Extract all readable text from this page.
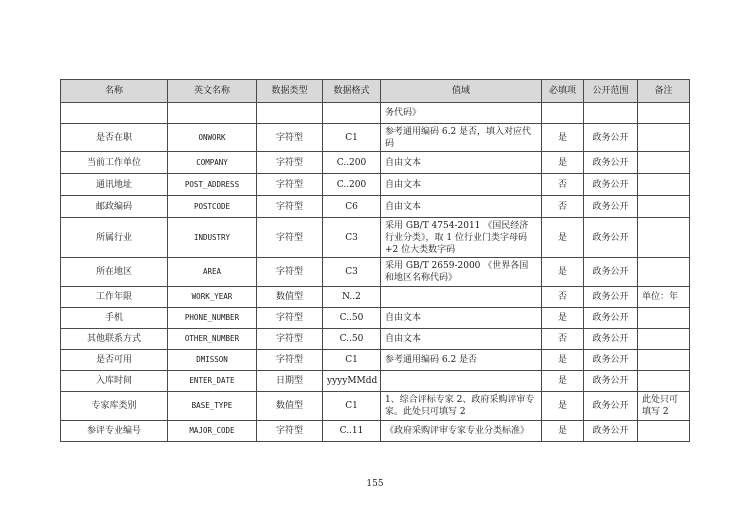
名称	英文名称	数据类型	数据格式	值域	必填项	公开范围	备注
				务代码》			
是否在职	ONWORK	字符型	C1	参考通用编码 6.2 是否，填入对应代码	是	政务公开	
当前工作单位	COMPANY	字符型	C..200	自由文本	是	政务公开	
通讯地址	POST_ADDRESS	字符型	C..200	自由文本	否	政务公开	
邮政编码	POSTCODE	字符型	C6	自由文本	否	政务公开	
所属行业	INDUSTRY	字符型	C3	采用 GB/T 4754-2011 《国民经济行业分类》，取 1 位行业门类字母码+2 位大类数字码	是	政务公开	
所在地区	AREA	字符型	C3	采用 GB/T 2659-2000 《世界各国和地区名称代码》	是	政务公开	
工作年限	WORK_YEAR	数值型	N..2		否	政务公开	单位：年
手机	PHONE_NUMBER	字符型	C..50	自由文本	是	政务公开	
其他联系方式	OTHER_NUMBER	字符型	C..50	自由文本	否	政务公开	
是否可用	DMISSON	字符型	C1	参考通用编码 6.2 是否	是	政务公开	
入库时间	ENTER_DATE	日期型	yyyyMMdd		是	政务公开	
专家库类别	BASE_TYPE	数值型	C1	1、综合评标专家 2、政府采购评审专家。此处只可填写 2	是	政务公开	此处只可填写 2
参评专业编号	MAJOR_CODE	字符型	C..11	《政府采购评审专家专业分类标准》	是	政务公开	
155
